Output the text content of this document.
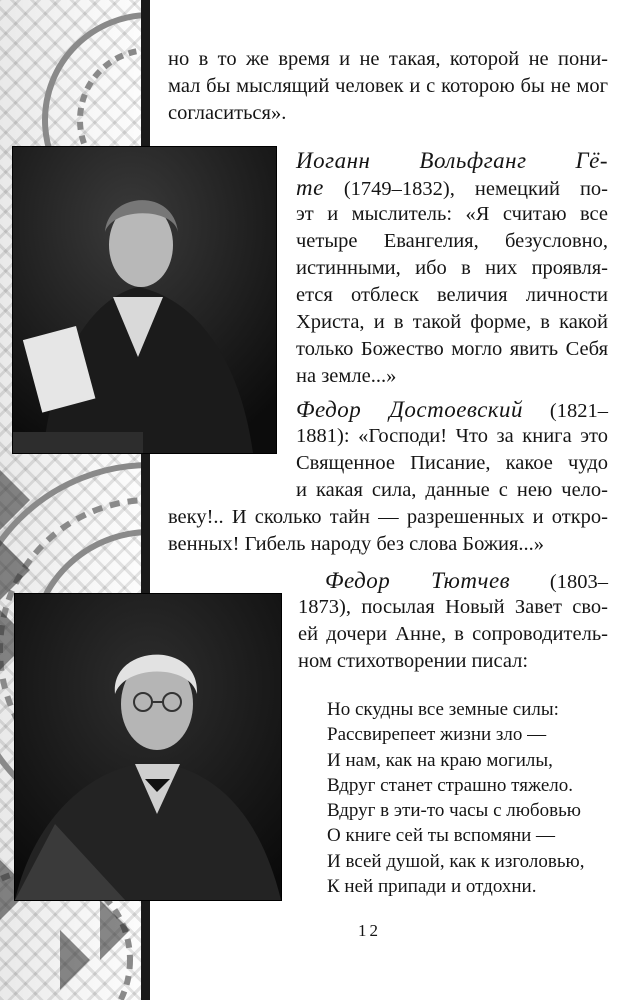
но в то же время и не такая, которой не пони-
мал бы мыслящий человек и с которою бы не мог
согласиться».
Иоганн Вольфганг Гё-
те (1749–1832), немецкий по-
эт и мыслитель: «Я считаю все
четыре Евангелия, безусловно,
истинными, ибо в них проявля-
ется отблеск величия личности
Христа, и в такой форме, в какой
только Божество могло явить Себя
на земле...»
Федор Достоевский (1821–
1881): «Господи! Что за книга это
Священное Писание, какое чудо
и какая сила, данные с нею чело-
веку!.. И сколько тайн — разрешенных и откро-
венных! Гибель народу без слова Божия...»
Федор Тютчев (1803–
1873), посылая Новый Завет сво-
ей дочери Анне, в сопроводитель-
ном стихотворении писал:
Но скудны все земные силы:
Рассвирепеет жизни зло —
И нам, как на краю могилы,
Вдруг станет страшно тяжело.
Вдруг в эти-то часы с любовью
О книге сей ты вспомяни —
И всей душой, как к изголовью,
К ней припади и отдохни.
12
